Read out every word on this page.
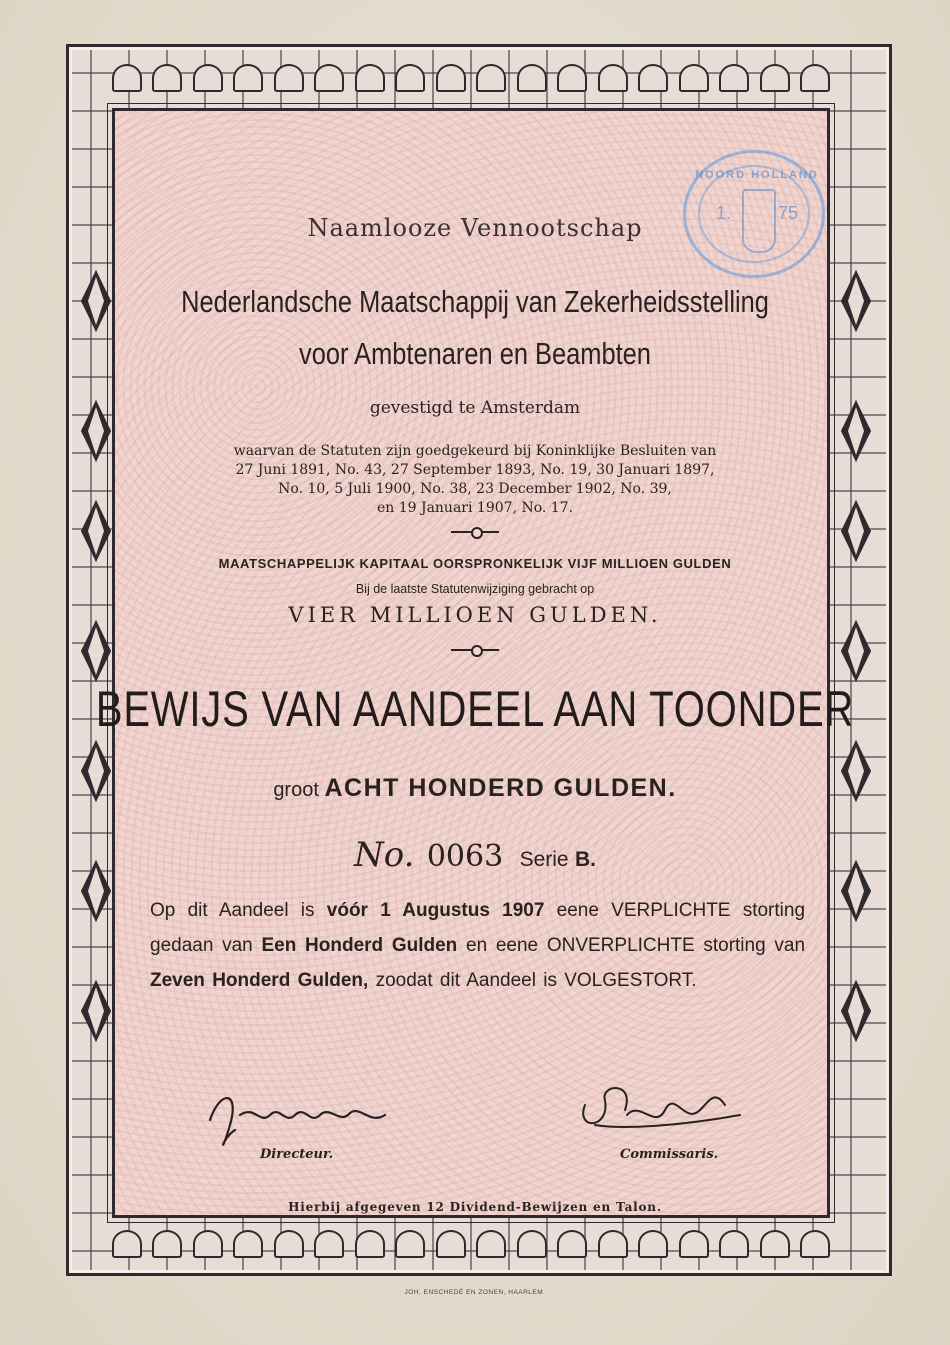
NOORD HOLLAND
1.	75
Naamlooze Vennootschap
Nederlandsche Maatschappij van Zekerheidsstelling
voor Ambtenaren en Beambten
gevestigd te Amsterdam
waarvan de Statuten zijn goedgekeurd bij Koninklijke Besluiten van
27 Juni 1891, No. 43, 27 September 1893, No. 19, 30 Januari 1897,
No. 10, 5 Juli 1900, No. 38, 23 December 1902, No. 39,
en 19 Januari 1907, No. 17.
MAATSCHAPPELIJK KAPITAAL OORSPRONKELIJK VIJF MILLIOEN GULDEN
Bij de laatste Statutenwijziging gebracht op
VIER MILLIOEN GULDEN.
BEWIJS VAN AANDEEL AAN TOONDER
groot ACHT HONDERD GULDEN.
No. 0063 Serie B.
Op dit Aandeel is vóór 1 Augustus 1907 eene VERPLICHTE storting gedaan van Een Honderd Gulden en eene ONVERPLICHTE storting van Zeven Honderd Gulden, zoodat dit Aandeel is VOLGESTORT.
Directeur.	Commissaris.
Hierbij afgegeven 12 Dividend-Bewijzen en Talon.
JOH. ENSCHEDÉ EN ZONEN, HAARLEM.
